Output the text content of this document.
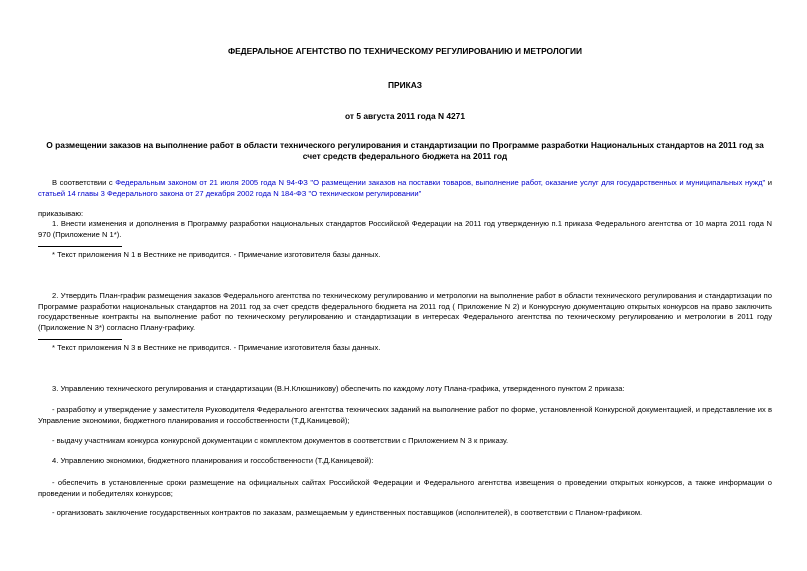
ФЕДЕРАЛЬНОЕ АГЕНТСТВО ПО ТЕХНИЧЕСКОМУ РЕГУЛИРОВАНИЮ И МЕТРОЛОГИИ
ПРИКАЗ
от 5 августа 2011 года N 4271
О размещении заказов на выполнение работ в области технического регулирования и стандартизации по Программе разработки Национальных стандартов на 2011 год за счет средств федерального бюджета на 2011 год
В соответствии с Федеральным законом от 21 июля 2005 года N 94-ФЗ "О размещении заказов на поставки товаров, выполнение работ, оказание услуг для государственных и муниципальных нужд" и статьей 14 главы 3 Федерального закона от 27 декабря 2002 года N 184-ФЗ "О техническом регулировании"
приказываю:
1. Внести изменения и дополнения в Программу разработки национальных стандартов Российской Федерации на 2011 год утвержденную п.1 приказа Федерального агентства от 10 марта 2011 года N 970 (Приложение N 1*).
* Текст приложения N 1 в Вестнике не приводится. - Примечание изготовителя базы данных.
2. Утвердить План-график размещения заказов Федерального агентства по техническому регулированию и метрологии на выполнение работ в области технического регулирования и стандартизации по Программе разработки национальных стандартов на 2011 год за счет средств федерального бюджета на 2011 год ( Приложение N 2) и Конкурсную документацию открытых конкурсов на право заключить государственные контракты на выполнение работ по техническому регулированию и стандартизации в интересах Федерального агентства по техническому регулированию и метрологии в 2011 году (Приложение N 3*) согласно Плану-графику.
* Текст приложения N 3 в Вестнике не приводится. - Примечание изготовителя базы данных.
3. Управлению технического регулирования и стандартизации (В.Н.Клюшникову) обеспечить по каждому лоту Плана-графика, утвержденного пунктом 2 приказа:
- разработку и утверждение у заместителя Руководителя Федерального агентства технических заданий на выполнение работ по форме, установленной Конкурсной документацией, и представление их в Управление экономики, бюджетного планирования и госсобственности (Т.Д.Каницевой);
- выдачу участникам конкурса конкурсной документации с комплектом документов в соответствии с Приложением N 3 к приказу.
4. Управлению экономики, бюджетного планирования и госсобственности (Т.Д.Каницевой):
- обеспечить в установленные сроки размещение на официальных сайтах Российской Федерации и Федерального агентства извещения о проведении открытых конкурсов, а также информации о проведении и победителях конкурсов;
- организовать заключение государственных контрактов по заказам, размещаемым у единственных поставщиков (исполнителей), в соответствии с Планом-графиком.
